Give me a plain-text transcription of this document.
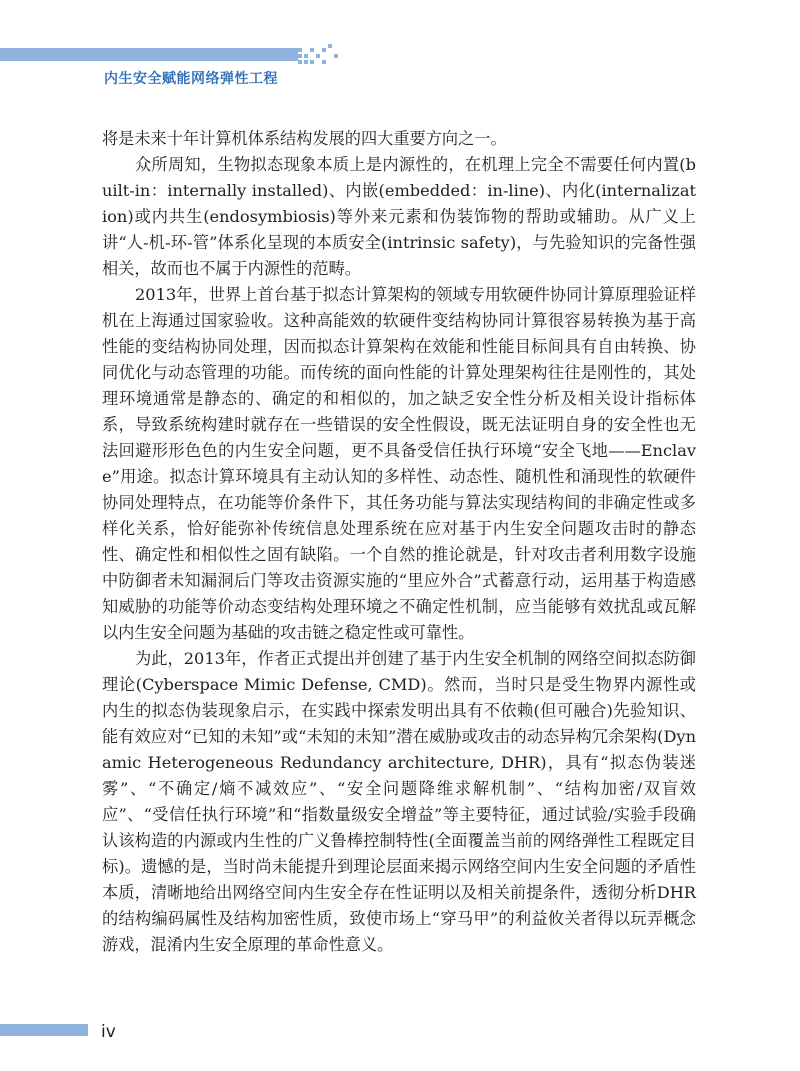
内生安全赋能网络弹性工程

将是未来十年计算机体系结构发展的四大重要方向之一。

众所周知，生物拟态现象本质上是内源性的，在机理上完全不需要任何内置(built-in：internally installed)、内嵌(embedded：in-line)、内化(internalization)或内共生(endosymbiosis)等外来元素和伪装饰物的帮助或辅助。从广义上讲“人-机-环-管”体系化呈现的本质安全(intrinsic safety)，与先验知识的完备性强相关，故而也不属于内源性的范畴。

2013年，世界上首台基于拟态计算架构的领域专用软硬件协同计算原理验证样机在上海通过国家验收。这种高能效的软硬件变结构协同计算很容易转换为基于高性能的变结构协同处理，因而拟态计算架构在效能和性能目标间具有自由转换、协同优化与动态管理的功能。而传统的面向性能的计算处理架构往往是刚性的，其处理环境通常是静态的、确定的和相似的，加之缺乏安全性分析及相关设计指标体系，导致系统构建时就存在一些错误的安全性假设，既无法证明自身的安全性也无法回避形形色色的内生安全问题，更不具备受信任执行环境“安全飞地——Enclave”用途。拟态计算环境具有主动认知的多样性、动态性、随机性和涌现性的软硬件协同处理特点，在功能等价条件下，其任务功能与算法实现结构间的非确定性或多样化关系，恰好能弥补传统信息处理系统在应对基于内生安全问题攻击时的静态性、确定性和相似性之固有缺陷。一个自然的推论就是，针对攻击者利用数字设施中防御者未知漏洞后门等攻击资源实施的“里应外合”式蓄意行动，运用基于构造感知威胁的功能等价动态变结构处理环境之不确定性机制，应当能够有效扰乱或瓦解以内生安全问题为基础的攻击链之稳定性或可靠性。

为此，2013年，作者正式提出并创建了基于内生安全机制的网络空间拟态防御理论(Cyberspace Mimic Defense, CMD)。然而，当时只是受生物界内源性或内生的拟态伪装现象启示，在实践中探索发明出具有不依赖(但可融合)先验知识、能有效应对“已知的未知”或“未知的未知”潜在威胁或攻击的动态异构冗余架构(Dynamic Heterogeneous Redundancy architecture, DHR)，具有“拟态伪装迷雾”、“不确定/熵不减效应”、“安全问题降维求解机制”、“结构加密/双盲效应”、“受信任执行环境”和“指数量级安全增益”等主要特征，通过试验/实验手段确认该构造的内源或内生性的广义鲁棒控制特性(全面覆盖当前的网络弹性工程既定目标)。遗憾的是，当时尚未能提升到理论层面来揭示网络空间内生安全问题的矛盾性本质，清晰地给出网络空间内生安全存在性证明以及相关前提条件，透彻分析DHR的结构编码属性及结构加密性质，致使市场上“穿马甲”的利益攸关者得以玩弄概念游戏，混淆内生安全原理的革命性意义。

iv
